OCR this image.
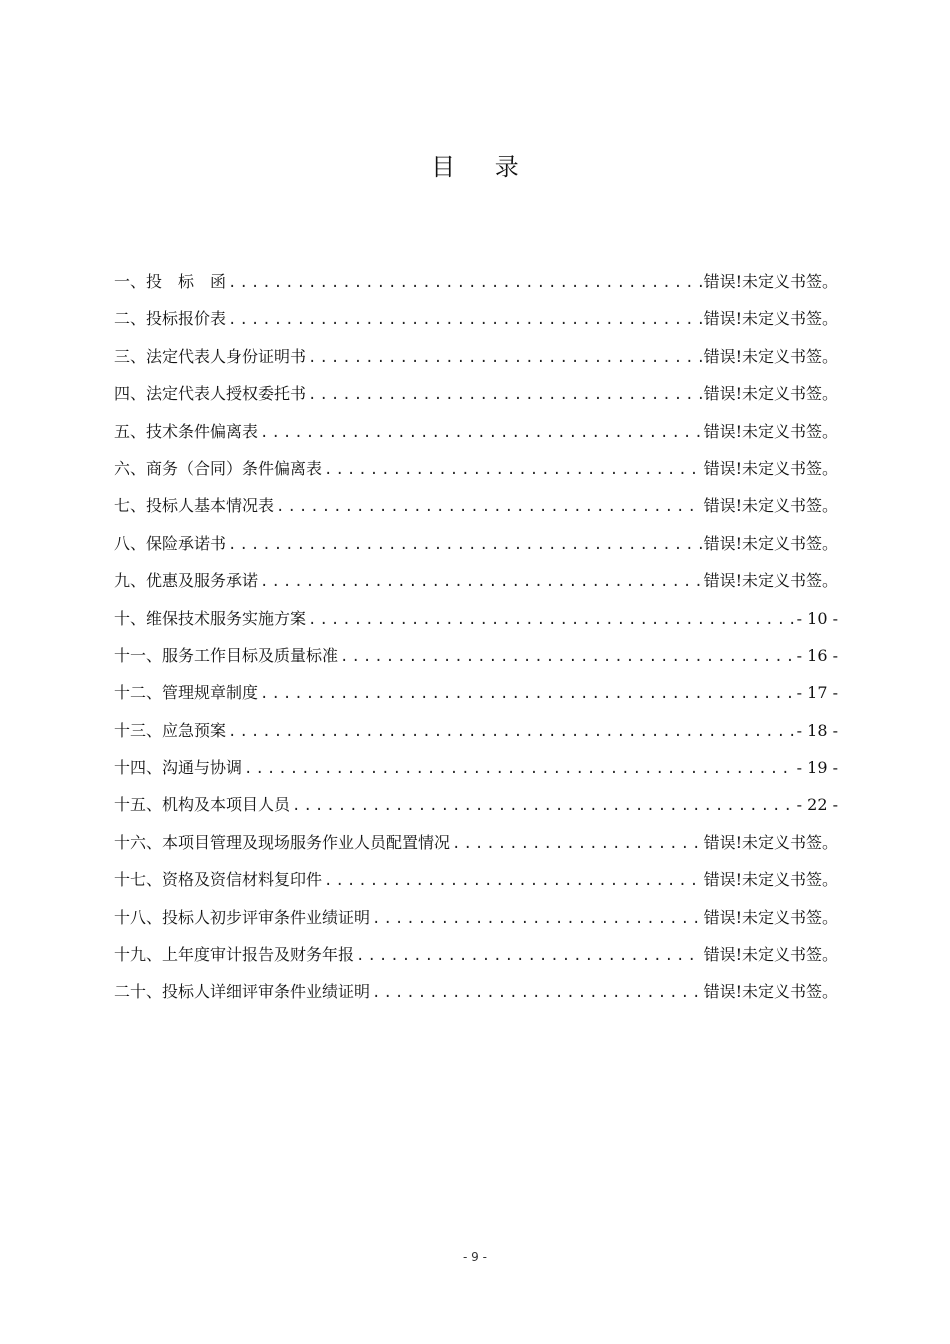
目 录
一、投　标　函 .....	错误!未定义书签。
二、投标报价表 .....	错误!未定义书签。
三、法定代表人身份证明书 .....	错误!未定义书签。
四、法定代表人授权委托书 .....	错误!未定义书签。
五、技术条件偏离表 .....	错误!未定义书签。
六、商务（合同）条件偏离表 .....	错误!未定义书签。
七、投标人基本情况表 .....	错误!未定义书签。
八、保险承诺书 .....	错误!未定义书签。
九、优惠及服务承诺 .....	错误!未定义书签。
十、维保技术服务实施方案 .....	- 10 -
十一、服务工作目标及质量标准 .....	- 16 -
十二、管理规章制度 .....	- 17 -
十三、应急预案 .....	- 18 -
十四、沟通与协调 .....	- 19 -
十五、机构及本项目人员 .....	- 22 -
十六、本项目管理及现场服务作业人员配置情况 .....	错误!未定义书签。
十七、资格及资信材料复印件 .....	错误!未定义书签。
十八、投标人初步评审条件业绩证明 .....	错误!未定义书签。
十九、上年度审计报告及财务年报 .....	错误!未定义书签。
二十、投标人详细评审条件业绩证明 .....	错误!未定义书签。
- 9 -
